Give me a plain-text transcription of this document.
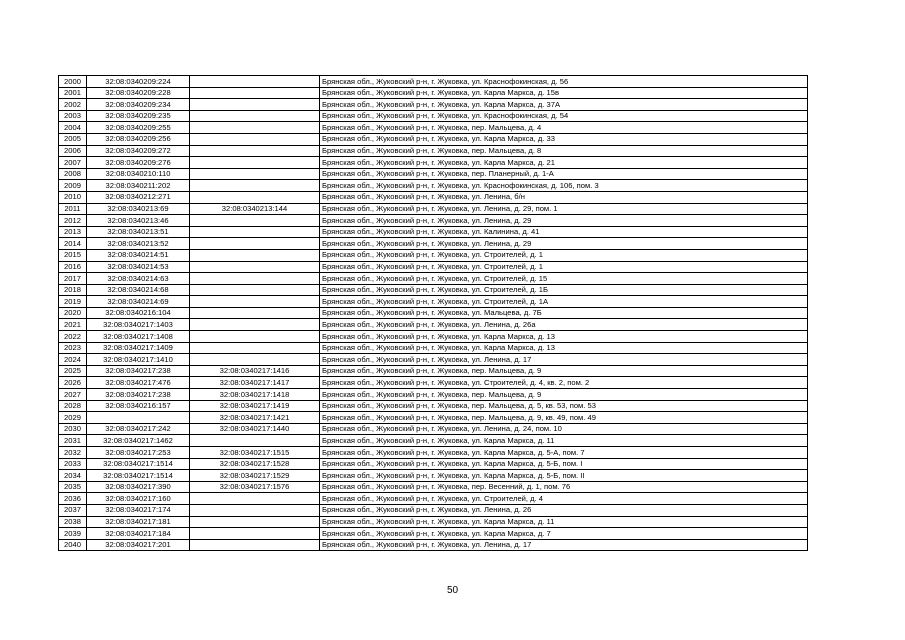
2000	32:08:0340209:224		Брянская обл., Жуковский р-н, г. Жуковка, ул. Краснофокинская, д. 56
2001	32:08:0340209:228		Брянская обл., Жуковский р-н, г. Жуковка, ул. Карла Маркса, д. 15в
2002	32:08:0340209:234		Брянская обл., Жуковский р-н, г. Жуковка, ул. Карла Маркса, д. 37А
2003	32:08:0340209:235		Брянская обл., Жуковский р-н, г. Жуковка, ул. Краснофокинская, д. 54
2004	32:08:0340209:255		Брянская обл., Жуковский р-н, г. Жуковка, пер. Мальцева, д. 4
2005	32:08:0340209:256		Брянская обл., Жуковский р-н, г. Жуковка, ул. Карла Маркса, д. 33
2006	32:08:0340209:272		Брянская обл., Жуковский р-н, г. Жуковка, пер. Мальцева, д. 8
2007	32:08:0340209:276		Брянская обл., Жуковский р-н, г. Жуковка, ул. Карла Маркса, д. 21
2008	32:08:0340210:110		Брянская обл., Жуковский р-н, г. Жуковка, пер. Планерный, д. 1-А
2009	32:08:0340211:202		Брянская обл., Жуковский р-н, г. Жуковка, ул. Краснофокинская, д. 106, пом. 3
2010	32:08:0340212:271		Брянская обл., Жуковский р-н, г. Жуковка, ул. Ленина, б/н
2011	32:08:0340213:69	32:08:0340213:144	Брянская обл., Жуковский р-н, г. Жуковка, ул. Ленина, д. 29, пом. 1
2012	32:08:0340213:46		Брянская обл., Жуковский р-н, г. Жуковка, ул. Ленина, д. 29
2013	32:08:0340213:51		Брянская обл., Жуковский р-н, г. Жуковка, ул. Калинина, д. 41
2014	32:08:0340213:52		Брянская обл., Жуковский р-н, г. Жуковка, ул. Ленина, д. 29
2015	32:08:0340214:51		Брянская обл., Жуковский р-н, г. Жуковка, ул. Строителей, д. 1
2016	32:08:0340214:53		Брянская обл., Жуковский р-н, г. Жуковка, ул. Строителей, д. 1
2017	32:08:0340214:63		Брянская обл., Жуковский р-н, г. Жуковка, ул. Строителей, д. 15
2018	32:08:0340214:68		Брянская обл., Жуковский р-н, г. Жуковка, ул. Строителей, д. 1Б
2019	32:08:0340214:69		Брянская обл., Жуковский р-н, г. Жуковка, ул. Строителей, д. 1А
2020	32:08:0340216:104		Брянская обл., Жуковский р-н, г. Жуковка, ул. Мальцева, д. 7Б
2021	32:08:0340217:1403		Брянская обл., Жуковский р-н, г. Жуковка, ул. Ленина, д. 26а
2022	32:08:0340217:1408		Брянская обл., Жуковский р-н, г. Жуковка, ул. Карла Маркса, д. 13
2023	32:08:0340217:1409		Брянская обл., Жуковский р-н, г. Жуковка, ул. Карла Маркса, д. 13
2024	32:08:0340217:1410		Брянская обл., Жуковский р-н, г. Жуковка, ул. Ленина, д. 17
2025	32:08:0340217:238	32:08:0340217:1416	Брянская обл., Жуковский р-н, г. Жуковка, пер. Мальцева, д. 9
2026	32:08:0340217:476	32:08:0340217:1417	Брянская обл., Жуковский р-н, г. Жуковка, ул. Строителей, д. 4, кв. 2, пом. 2
2027	32:08:0340217:238	32:08:0340217:1418	Брянская обл., Жуковский р-н, г. Жуковка, пер. Мальцева, д. 9
2028	32:08:0340216:157	32:08:0340217:1419	Брянская обл., Жуковский р-н, г. Жуковка, пер. Мальцева, д. 5, кв. 53, пом. 53
2029		32:08:0340217:1421	Брянская обл., Жуковский р-н, г. Жуковка, пер. Мальцева, д. 9, кв. 49, пом. 49
2030	32:08:0340217:242	32:08:0340217:1440	Брянская обл., Жуковский р-н, г. Жуковка, ул. Ленина, д. 24, пом. 10
2031	32:08:0340217:1462		Брянская обл., Жуковский р-н, г. Жуковка, ул. Карла Маркса, д. 11
2032	32:08:0340217:253	32:08:0340217:1515	Брянская обл., Жуковский р-н, г. Жуковка, ул. Карла Маркса, д. 5-А, пом. 7
2033	32:08:0340217:1514	32:08:0340217:1528	Брянская обл., Жуковский р-н, г. Жуковка, ул. Карла Маркса, д. 5-Б, пом. I
2034	32:08:0340217:1514	32:08:0340217:1529	Брянская обл., Жуковский р-н, г. Жуковка, ул. Карла Маркса, д. 5-Б, пом. II
2035	32:08:0340217:390	32:08:0340217:1576	Брянская обл., Жуковский р-н, г. Жуковка, пер. Весенний, д. 1, пом. 76
2036	32:08:0340217:160		Брянская обл., Жуковский р-н, г. Жуковка, ул. Строителей, д. 4
2037	32:08:0340217:174		Брянская обл., Жуковский р-н, г. Жуковка, ул. Ленина, д. 26
2038	32:08:0340217:181		Брянская обл., Жуковский р-н, г. Жуковка, ул. Карла Маркса, д. 11
2039	32:08:0340217:184		Брянская обл., Жуковский р-н, г. Жуковка, ул. Карла Маркса, д. 7
2040	32:08:0340217:201		Брянская обл., Жуковский р-н, г. Жуковка, ул. Ленина, д. 17
50
